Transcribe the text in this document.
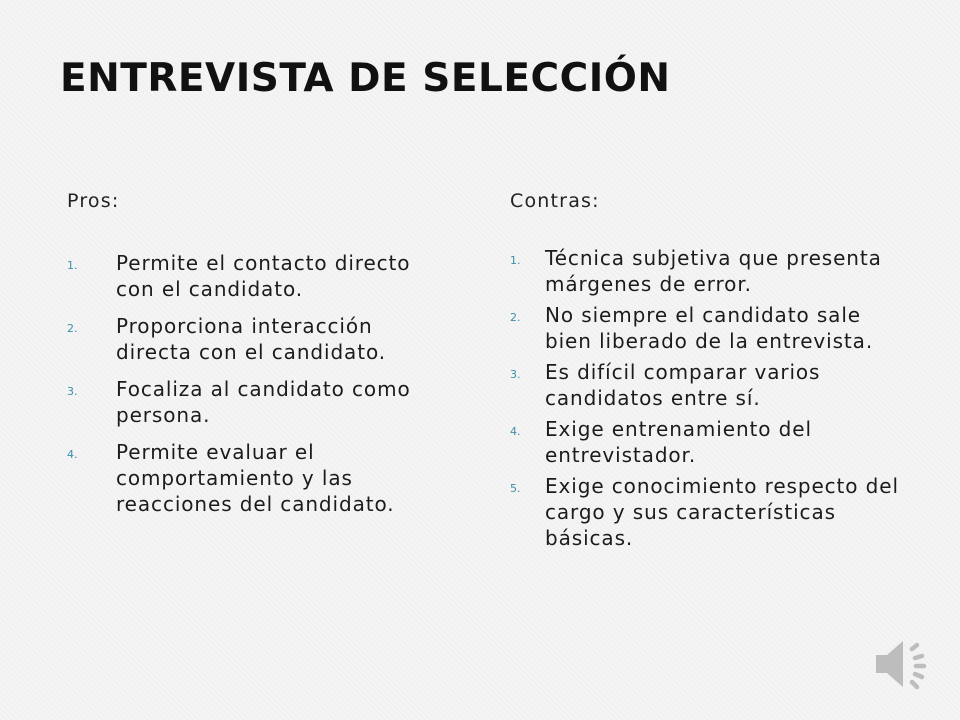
ENTREVISTA DE SELECCIÓN
Pros:
1. Permite el contacto directo con el candidato.
2. Proporciona interacción directa con el candidato.
3. Focaliza al candidato como persona.
4. Permite evaluar el comportamiento y las reacciones del candidato.
Contras:
1. Técnica subjetiva que presenta márgenes de error.
2. No siempre el candidato sale bien liberado de la entrevista.
3. Es difícil comparar varios candidatos entre sí.
4. Exige entrenamiento del entrevistador.
5. Exige conocimiento respecto del cargo y sus características básicas.
